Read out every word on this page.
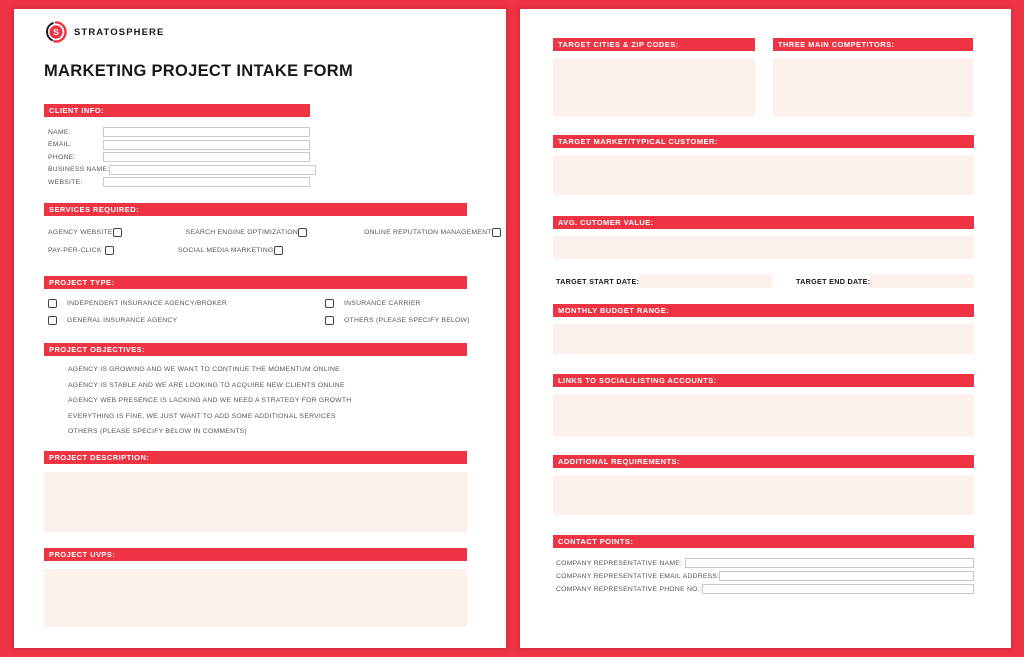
S STRATOSPHERE
MARKETING PROJECT INTAKE FORM
CLIENT INFO:
NAME:
EMAIL:
PHONE:
BUSINESS NAME:
WEBSITE:
SERVICES REQUIRED:
AGENCY WEBSITE	SEARCH ENGINE OPTIMIZATION	ONLINE REPUTATION MANAGEMENT
PAY-PER-CLICK	SOCIAL MEDIA MARKETING
PROJECT TYPE:
INDEPENDENT INSURANCE AGENCY/BROKER	INSURANCE CARRIER
GENERAL INSURANCE AGENCY	OTHERS (PLEASE SPECIFY BELOW)
PROJECT OBJECTIVES:
AGENCY IS GROWING AND WE WANT TO CONTINUE THE MOMENTUM ONLINE
AGENCY IS STABLE AND WE ARE LOOKING TO ACQUIRE NEW CLIENTS ONLINE
AGENCY WEB PRESENCE IS LACKING AND WE NEED A STRATEGY FOR GROWTH
EVERYTHING IS FINE, WE JUST WANT TO ADD SOME ADDITIONAL SERVICES
OTHERS (PLEASE SPECIFY BELOW IN COMMENTS)
PROJECT DESCRIPTION:
PROJECT UVPS:
TARGET CITIES & ZIP CODES:	THREE MAIN COMPETITORS:
TARGET MARKET/TYPICAL CUSTOMER:
AVG. CUTOMER VALUE:
TARGET START DATE:	TARGET END DATE:
MONTHLY BUDGET RANGE:
LINKS TO SOCIAL/LISTING ACCOUNTS:
ADDITIONAL REQUIREMENTS:
CONTACT POINTS:
COMPANY REPRESENTATIVE NAME:
COMPANY REPRESENTATIVE EMAIL ADDRESS:
COMPANY REPRESENTATIVE PHONE NO.:
